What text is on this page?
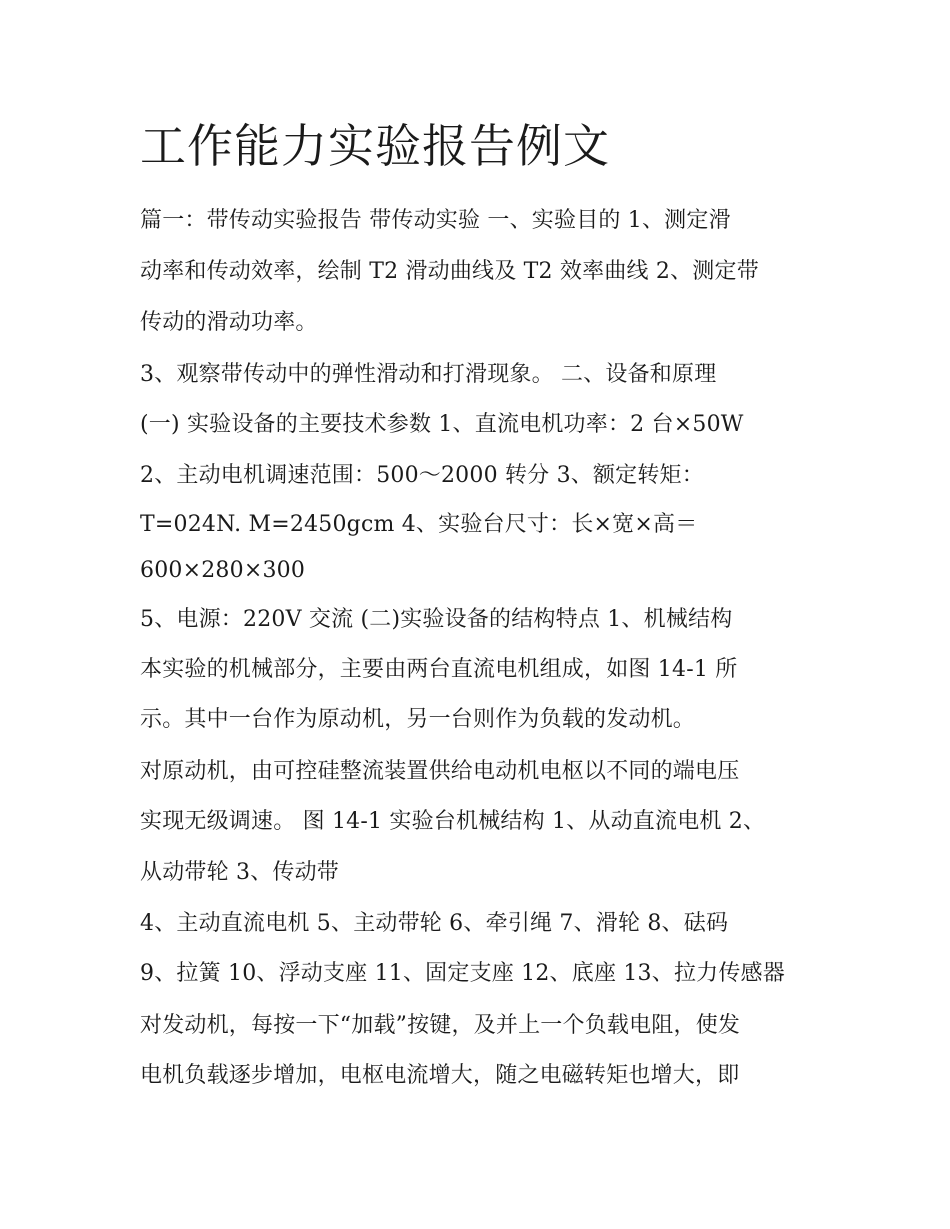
工作能力实验报告例文

篇一：带传动实验报告 带传动实验 一、实验目的 1、测定滑

动率和传动效率，绘制 T2 滑动曲线及 T2 效率曲线 2、测定带

传动的滑动功率。

3、观察带传动中的弹性滑动和打滑现象。 二、设备和原理

(一) 实验设备的主要技术参数 1、直流电机功率：2 台×50W

2、主动电机调速范围：500～2000 转分 3、额定转矩：

T=024N. M=2450gcm 4、实验台尺寸：长×宽×高＝

600×280×300

5、电源：220V 交流 (二)实验设备的结构特点 1、机械结构

本实验的机械部分，主要由两台直流电机组成，如图 14-1 所

示。其中一台作为原动机，另一台则作为负载的发动机。

对原动机，由可控硅整流装置供给电动机电枢以不同的端电压

实现无级调速。 图 14-1 实验台机械结构 1、从动直流电机 2、

从动带轮 3、传动带

4、主动直流电机 5、主动带轮 6、牵引绳 7、滑轮 8、砝码

9、拉簧 10、浮动支座 11、固定支座 12、底座 13、拉力传感器

对发动机，每按一下“加载”按键，及并上一个负载电阻，使发

电机负载逐步增加，电枢电流增大，随之电磁转矩也增大，即
